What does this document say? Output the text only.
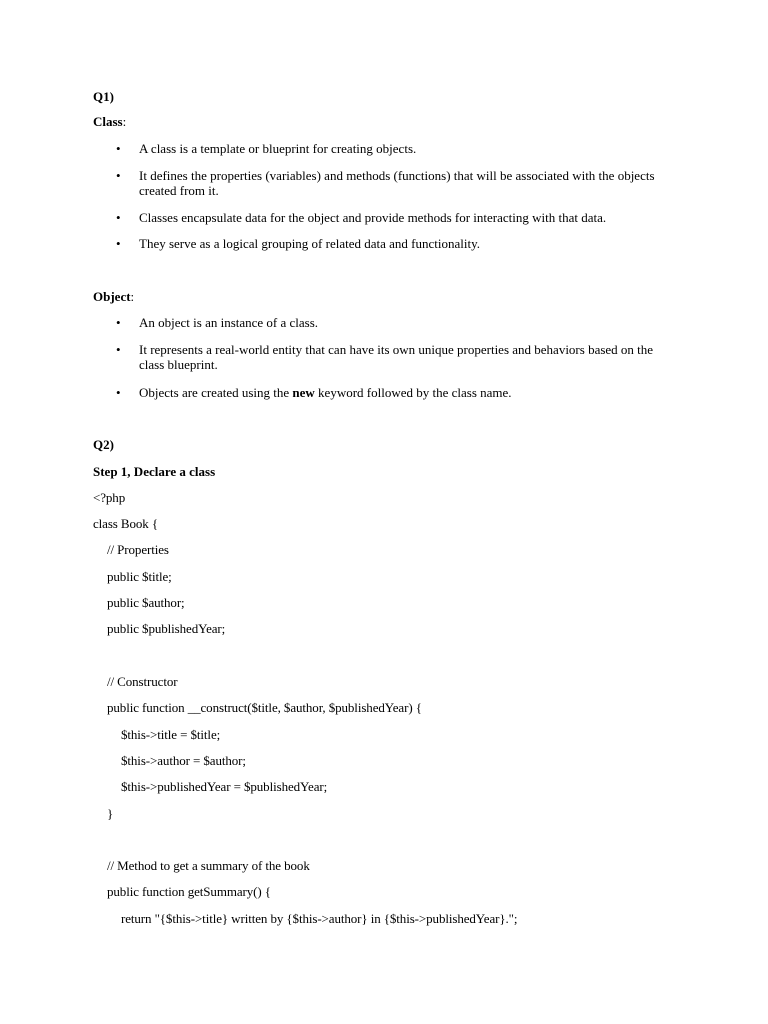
Q1)
Class:
• A class is a template or blueprint for creating objects.
• It defines the properties (variables) and methods (functions) that will be associated with the objects created from it.
• Classes encapsulate data for the object and provide methods for interacting with that data.
• They serve as a logical grouping of related data and functionality.
Object:
• An object is an instance of a class.
• It represents a real-world entity that can have its own unique properties and behaviors based on the class blueprint.
• Objects are created using the new keyword followed by the class name.
Q2)
Step 1, Declare a class
<?php
class Book {
// Properties
public $title;
public $author;
public $publishedYear;
// Constructor
public function __construct($title, $author, $publishedYear) {
$this->title = $title;
$this->author = $author;
$this->publishedYear = $publishedYear;
}
// Method to get a summary of the book
public function getSummary() {
return "{$this->title} written by {$this->author} in {$this->publishedYear}.";
